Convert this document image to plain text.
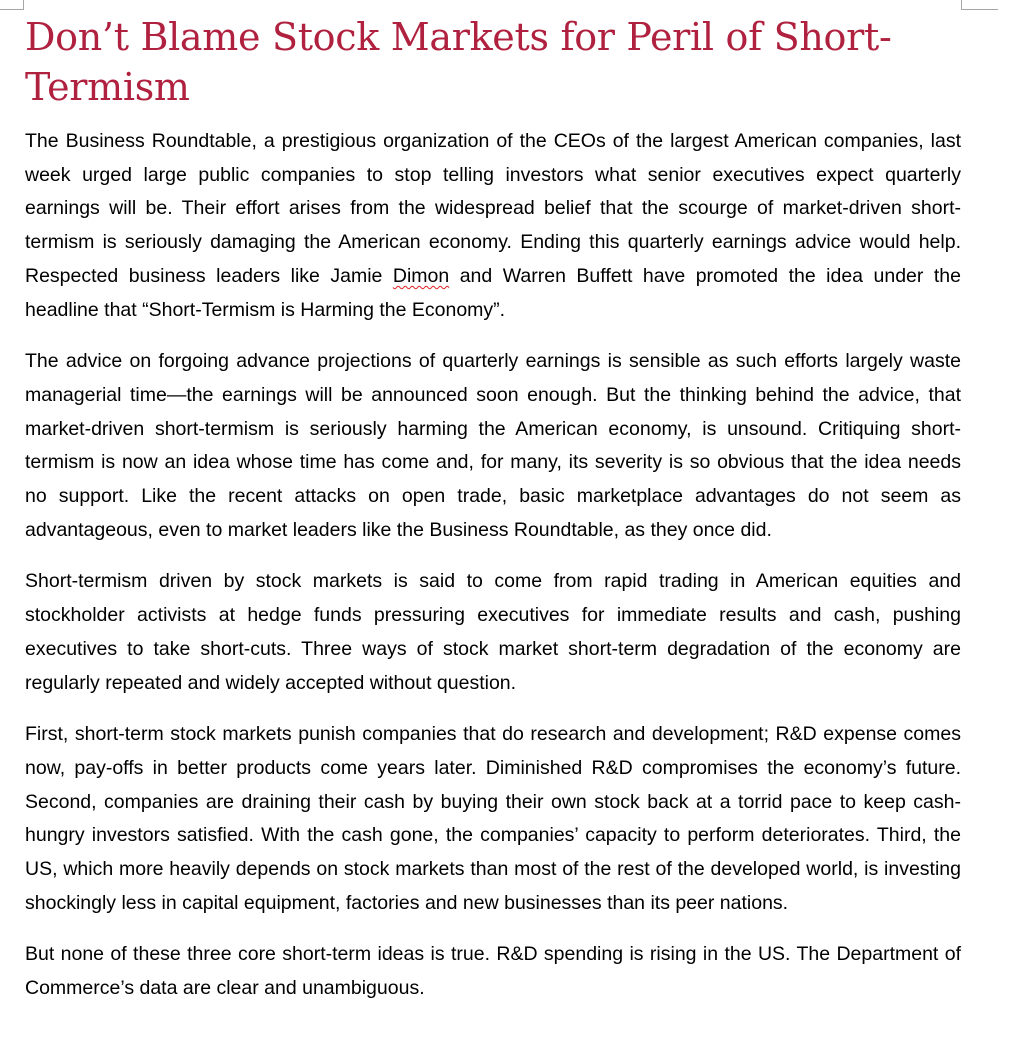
Don’t Blame Stock Markets for Peril of Short-Termism

The Business Roundtable, a prestigious organization of the CEOs of the largest American companies, last week urged large public companies to stop telling investors what senior executives expect quarterly earnings will be. Their effort arises from the widespread belief that the scourge of market-driven short-termism is seriously damaging the American economy. Ending this quarterly earnings advice would help. Respected business leaders like Jamie Dimon and Warren Buffett have promoted the idea under the headline that “Short-Termism is Harming the Economy”.

The advice on forgoing advance projections of quarterly earnings is sensible as such efforts largely waste managerial time—the earnings will be announced soon enough. But the thinking behind the advice, that market-driven short-termism is seriously harming the American economy, is unsound. Critiquing short-termism is now an idea whose time has come and, for many, its severity is so obvious that the idea needs no support. Like the recent attacks on open trade, basic marketplace advantages do not seem as advantageous, even to market leaders like the Business Roundtable, as they once did.

Short-termism driven by stock markets is said to come from rapid trading in American equities and stockholder activists at hedge funds pressuring executives for immediate results and cash, pushing executives to take short-cuts. Three ways of stock market short-term degradation of the economy are regularly repeated and widely accepted without question.

First, short-term stock markets punish companies that do research and development; R&D expense comes now, pay-offs in better products come years later. Diminished R&D compromises the economy’s future. Second, companies are draining their cash by buying their own stock back at a torrid pace to keep cash-hungry investors satisfied. With the cash gone, the companies’ capacity to perform deteriorates. Third, the US, which more heavily depends on stock markets than most of the rest of the developed world, is investing shockingly less in capital equipment, factories and new businesses than its peer nations.

But none of these three core short-term ideas is true. R&D spending is rising in the US. The Department of Commerce’s data are clear and unambiguous.
